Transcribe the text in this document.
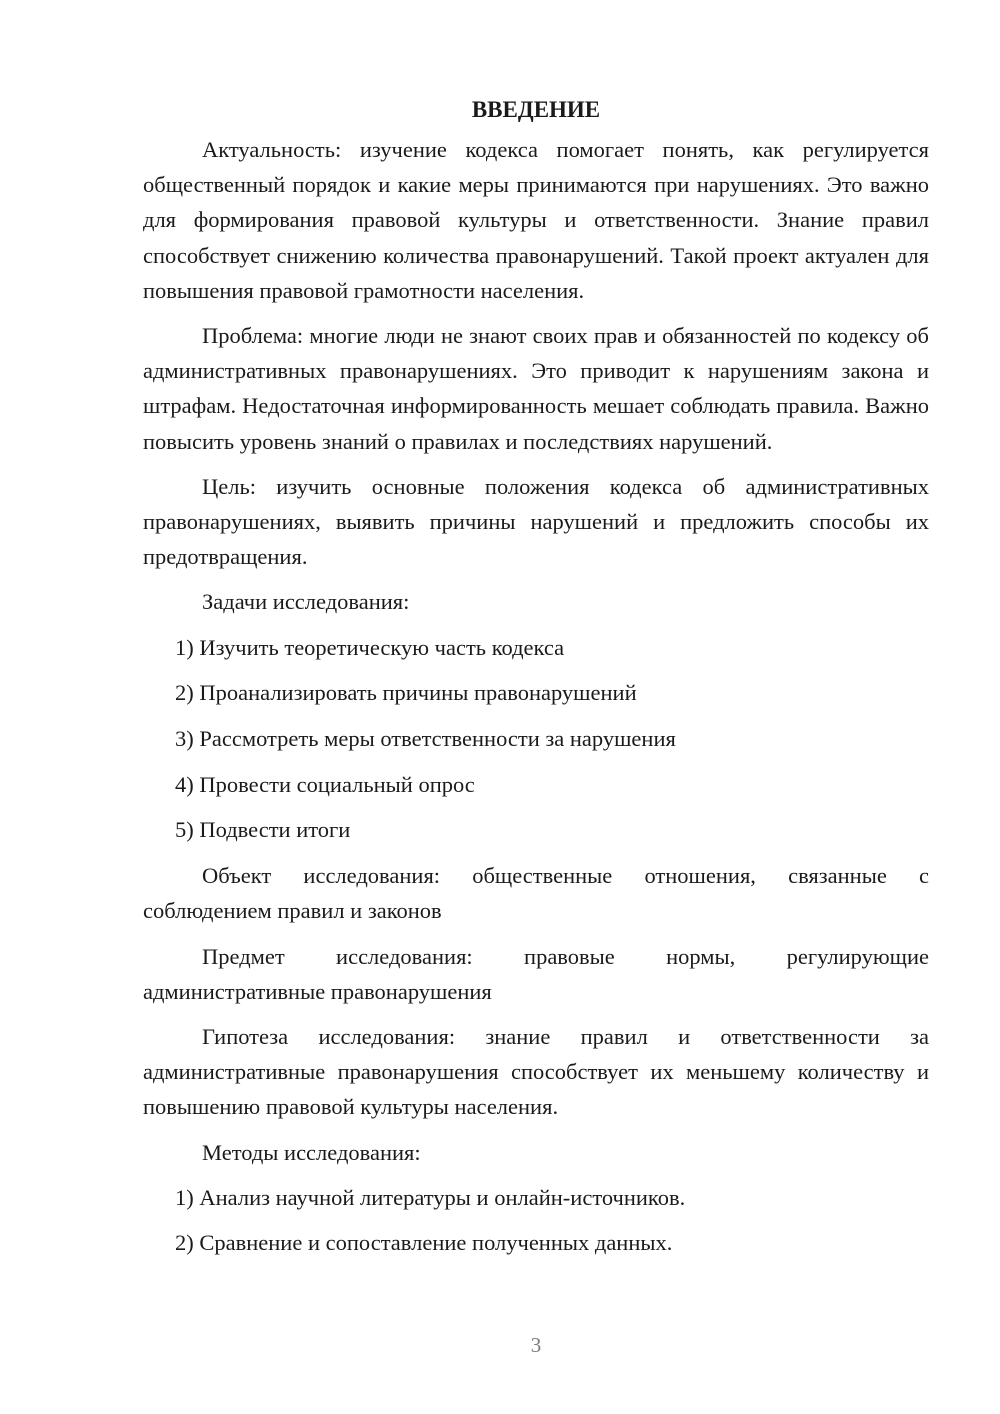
ВВЕДЕНИЕ

Актуальность: изучение кодекса помогает понять, как регулируется общественный порядок и какие меры принимаются при нарушениях. Это важно для формирования правовой культуры и ответственности. Знание правил способствует снижению количества правонарушений. Такой проект актуален для повышения правовой грамотности населения.

Проблема: многие люди не знают своих прав и обязанностей по кодексу об административных правонарушениях. Это приводит к нарушениям закона и штрафам. Недостаточная информированность мешает соблюдать правила. Важно повысить уровень знаний о правилах и последствиях нарушений.

Цель: изучить основные положения кодекса об административных правонарушениях, выявить причины нарушений и предложить способы их предотвращения.

Задачи исследования:

1) Изучить теоретическую часть кодекса
2) Проанализировать причины правонарушений
3) Рассмотреть меры ответственности за нарушения
4) Провести социальный опрос
5) Подвести итоги

Объект исследования: общественные отношения, связанные с соблюдением правил и законов

Предмет исследования: правовые нормы, регулирующие административные правонарушения

Гипотеза исследования: знание правил и ответственности за административные правонарушения способствует их меньшему количеству и повышению правовой культуры населения.

Методы исследования:

1) Анализ научной литературы и онлайн-источников.
2) Сравнение и сопоставление полученных данных.
3
